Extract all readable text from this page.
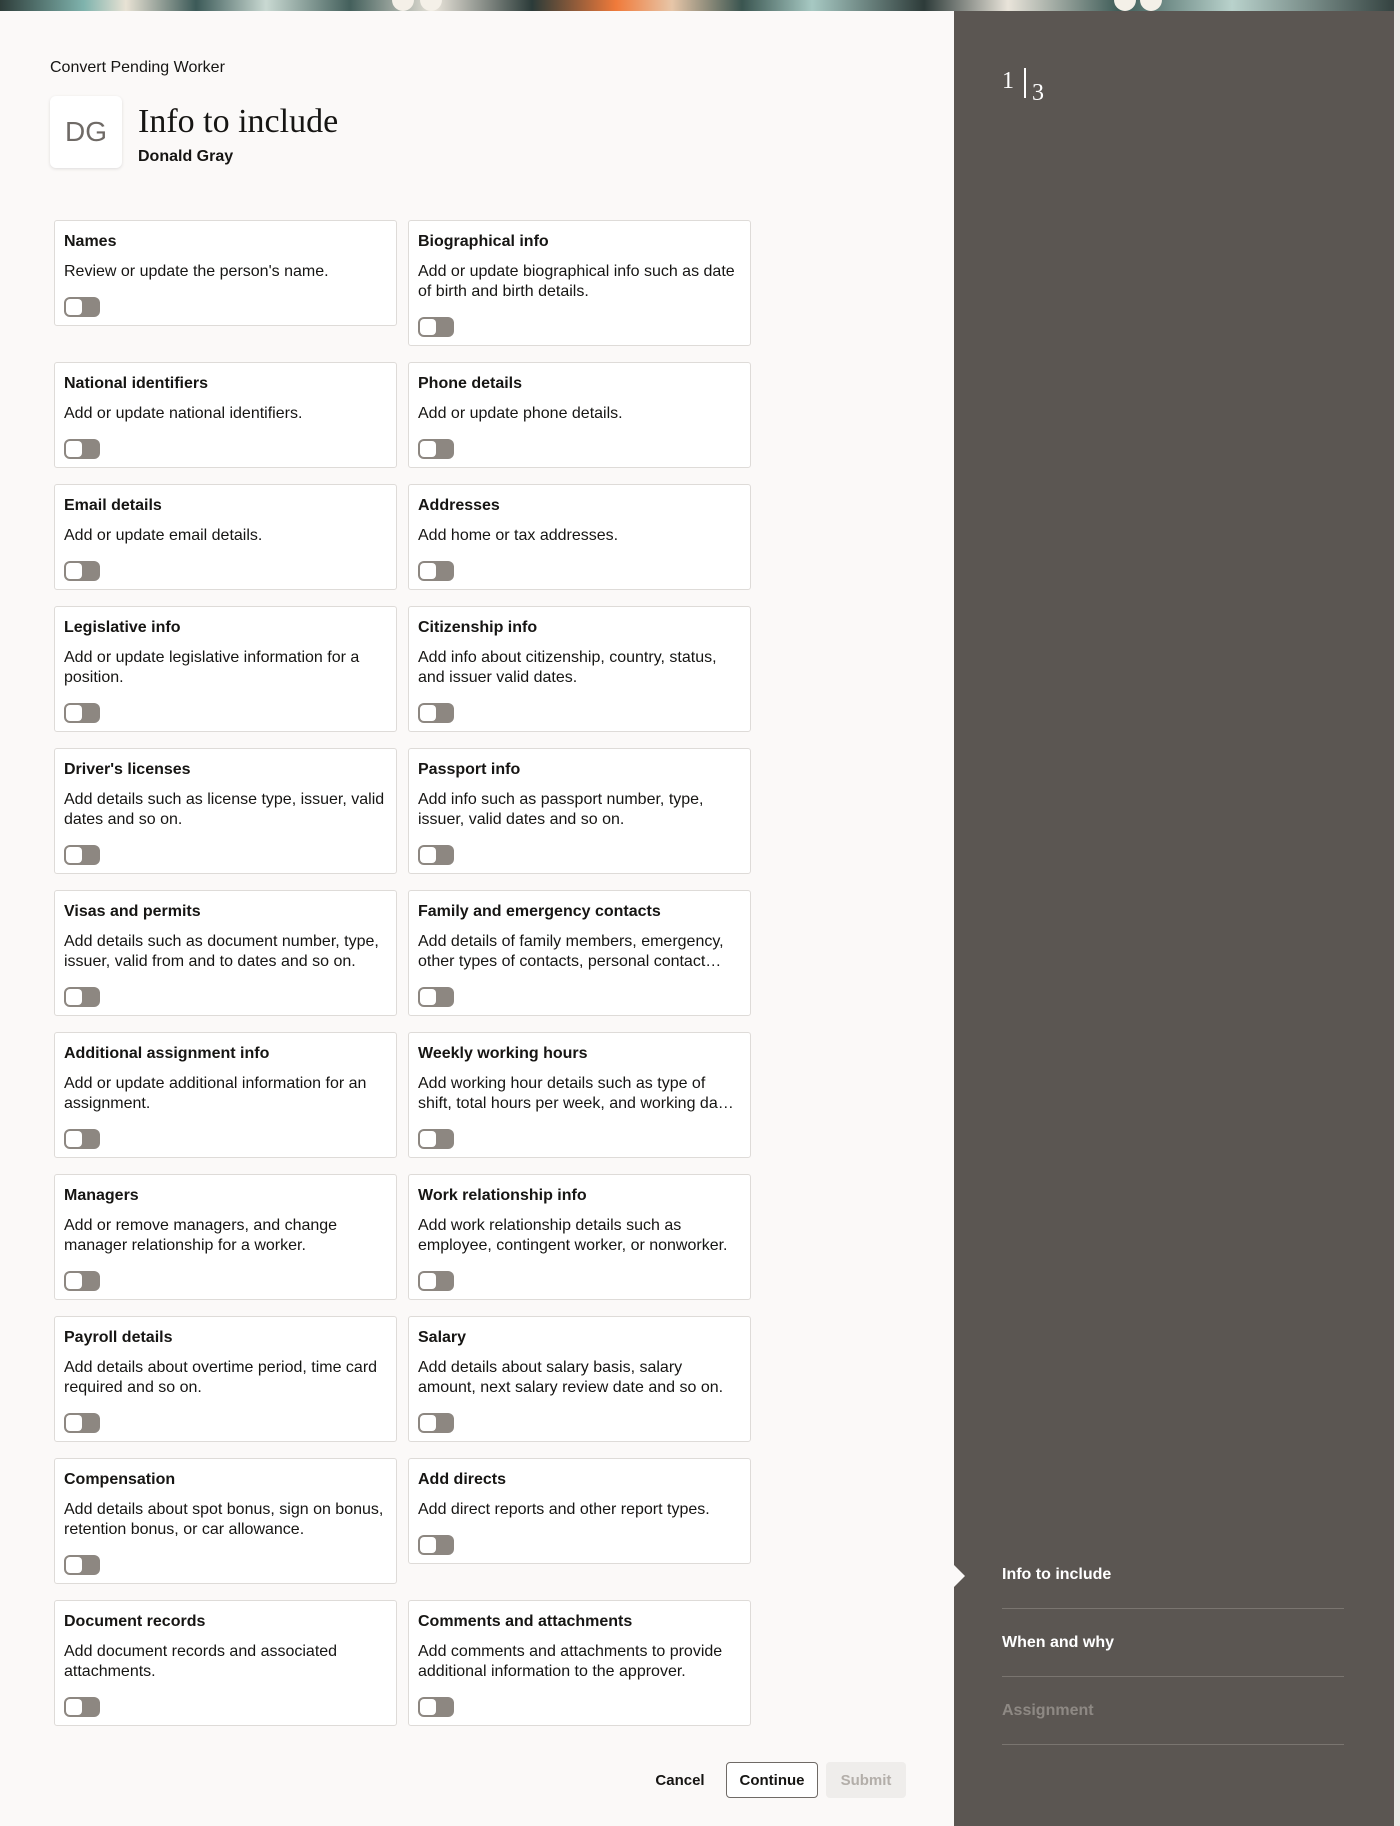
Convert Pending Worker
DG Info to include
Donald Gray
Names
Review or update the person's name.
Biographical info
Add or update biographical info such as date of birth and birth details.
National identifiers
Add or update national identifiers.
Phone details
Add or update phone details.
Email details
Add or update email details.
Addresses
Add home or tax addresses.
Legislative info
Add or update legislative information for a position.
Citizenship info
Add info about citizenship, country, status, and issuer valid dates.
Driver's licenses
Add details such as license type, issuer, valid dates and so on.
Passport info
Add info such as passport number, type, issuer, valid dates and so on.
Visas and permits
Add details such as document number, type, issuer, valid from and to dates and so on.
Family and emergency contacts
Add details of family members, emergency, other types of contacts, personal contact…
Additional assignment info
Add or update additional information for an assignment.
Weekly working hours
Add working hour details such as type of shift, total hours per week, and working da…
Managers
Add or remove managers, and change manager relationship for a worker.
Work relationship info
Add work relationship details such as employee, contingent worker, or nonworker.
Payroll details
Add details about overtime period, time card required and so on.
Salary
Add details about salary basis, salary amount, next salary review date and so on.
Compensation
Add details about spot bonus, sign on bonus, retention bonus, or car allowance.
Add directs
Add direct reports and other report types.
Document records
Add document records and associated attachments.
Comments and attachments
Add comments and attachments to provide additional information to the approver.
Cancel	Continue	Submit
1 3
Info to include
When and why
Assignment
